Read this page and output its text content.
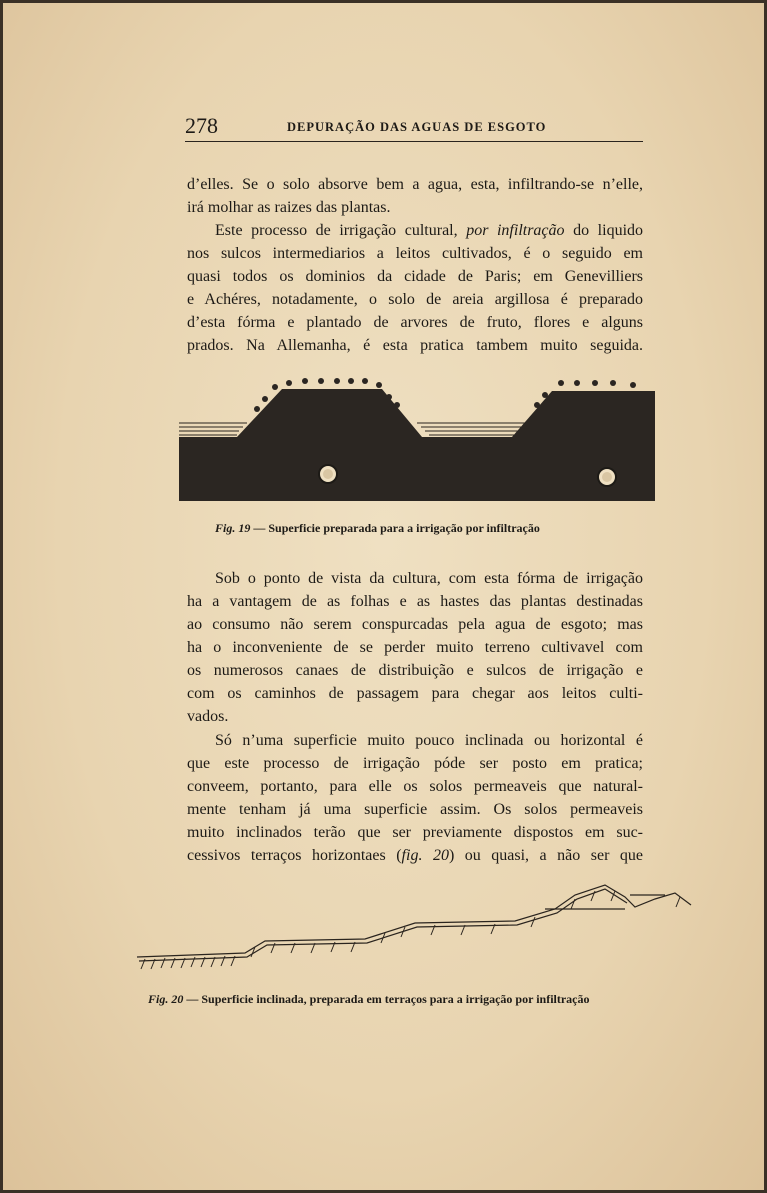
278	DEPURAÇÃO DAS AGUAS DE ESGOTO
d’elles. Se o solo absorve bem a agua, esta, infiltrando-se n’elle,
irá molhar as raizes das plantas.
Este processo de irrigação cultural, por infiltração do liquido
nos sulcos intermediarios a leitos cultivados, é o seguido em
quasi todos os dominios da cidade de Paris; em Genevilliers
e Achéres, notadamente, o solo de areia argillosa é preparado
d’esta fórma e plantado de arvores de fruto, flores e alguns
prados. Na Allemanha, é esta pratica tambem muito seguida.
Fig. 19 — Superficie preparada para a irrigação por infiltração
Sob o ponto de vista da cultura, com esta fórma de irrigação
ha a vantagem de as folhas e as hastes das plantas destinadas
ao consumo não serem conspurcadas pela agua de esgoto; mas
ha o inconveniente de se perder muito terreno cultivavel com
os numerosos canaes de distribuição e sulcos de irrigação e
com os caminhos de passagem para chegar aos leitos culti-
vados.
Só n’uma superficie muito pouco inclinada ou horizontal é
que este processo de irrigação póde ser posto em pratica;
conveem, portanto, para elle os solos permeaveis que natural-
mente tenham já uma superficie assim. Os solos permeaveis
muito inclinados terão que ser previamente dispostos em suc-
cessivos terraços horizontaes (fig. 20) ou quasi, a não ser que
Fig. 20 — Superficie inclinada, preparada em terraços para a irrigação por infiltração
